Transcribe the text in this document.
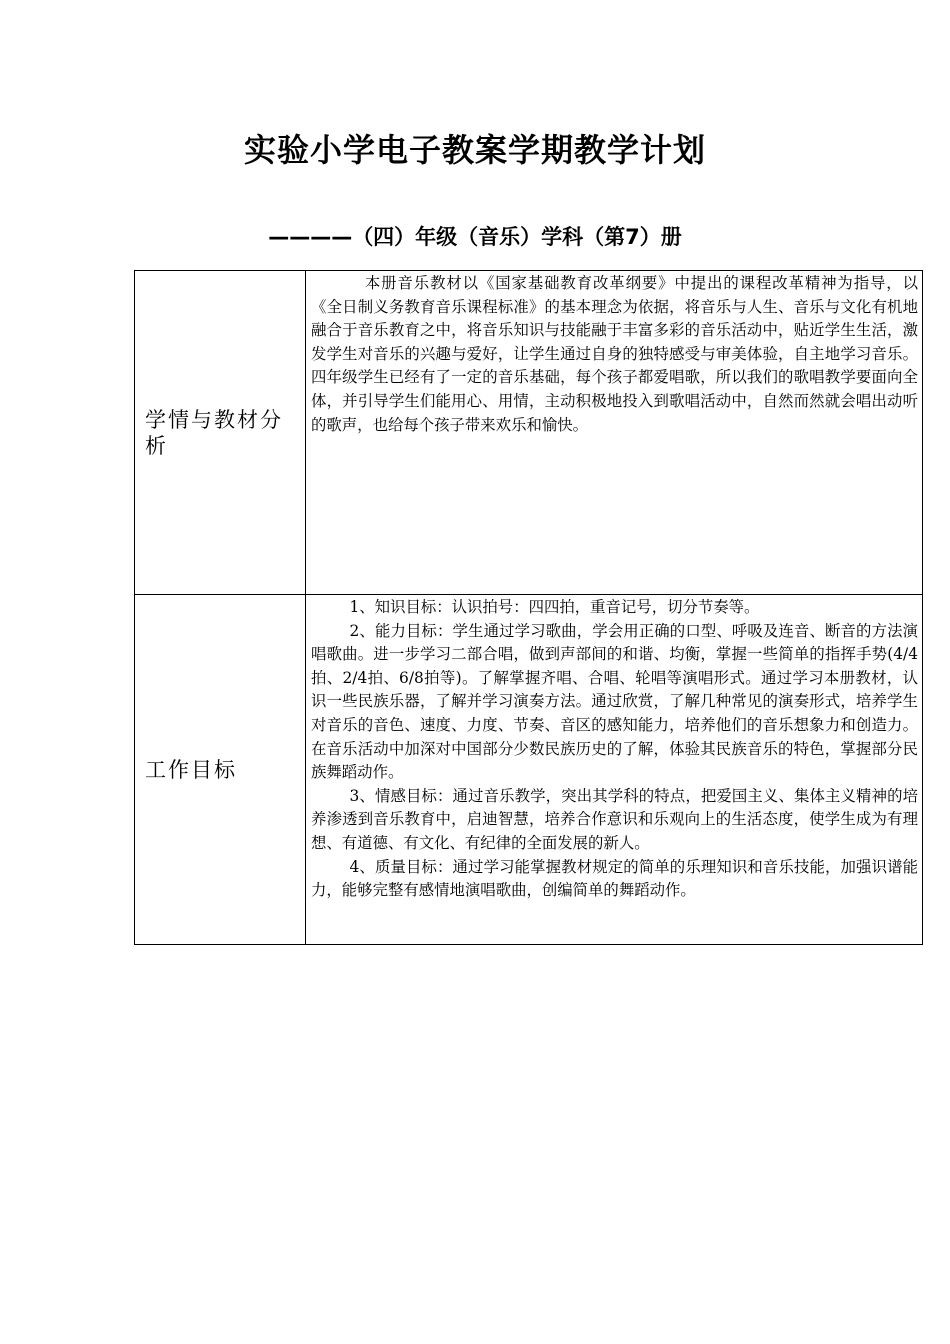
实验小学电子教案学期教学计划
————（四）年级（音乐）学科（第7）册
学情与教材分析	本册音乐教材以《国家基础教育改革纲要》中提出的课程改革精神为指导，以《全日制义务教育音乐课程标准》的基本理念为依据，将音乐与人生、音乐与文化有机地融合于音乐教育之中，将音乐知识与技能融于丰富多彩的音乐活动中，贴近学生生活，激发学生对音乐的兴趣与爱好，让学生通过自身的独特感受与审美体验，自主地学习音乐。四年级学生已经有了一定的音乐基础，每个孩子都爱唱歌，所以我们的歌唱教学要面向全体，并引导学生们能用心、用情，主动积极地投入到歌唱活动中，自然而然就会唱出动听的歌声，也给每个孩子带来欢乐和愉快。

工作目标	1、知识目标：认识拍号：四四拍，重音记号，切分节奏等。

2、能力目标：学生通过学习歌曲，学会用正确的口型、呼吸及连音、断音的方法演唱歌曲。进一步学习二部合唱，做到声部间的和谐、均衡，掌握一些简单的指挥手势(4/4拍、2/4拍、6/8拍等)。了解掌握齐唱、合唱、轮唱等演唱形式。通过学习本册教材，认识一些民族乐器，了解并学习演奏方法。通过欣赏，了解几种常见的演奏形式，培养学生对音乐的音色、速度、力度、节奏、音区的感知能力，培养他们的音乐想象力和创造力。在音乐活动中加深对中国部分少数民族历史的了解，体验其民族音乐的特色，掌握部分民族舞蹈动作。

3、情感目标：通过音乐教学，突出其学科的特点，把爱国主义、集体主义精神的培养渗透到音乐教育中，启迪智慧，培养合作意识和乐观向上的生活态度，使学生成为有理想、有道德、有文化、有纪律的全面发展的新人。

4、质量目标：通过学习能掌握教材规定的简单的乐理知识和音乐技能，加强识谱能力，能够完整有感情地演唱歌曲，创编简单的舞蹈动作。
